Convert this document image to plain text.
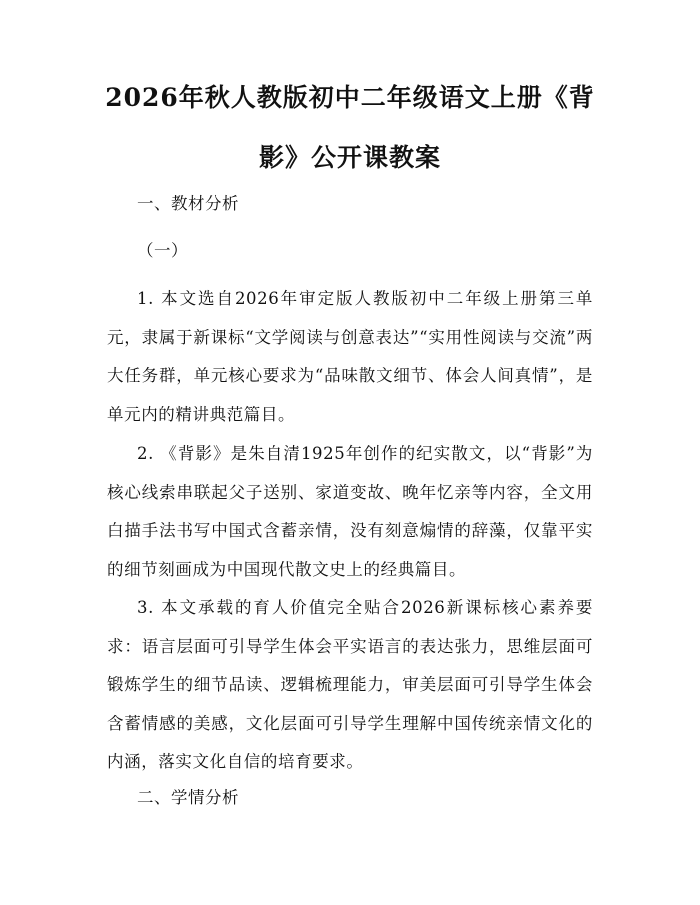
2026年秋人教版初中二年级语文上册《背影》公开课教案

一、教材分析

（一）

1. 本文选自2026年审定版人教版初中二年级上册第三单元，隶属于新课标“文学阅读与创意表达”“实用性阅读与交流”两大任务群，单元核心要求为“品味散文细节、体会人间真情”，是单元内的精讲典范篇目。

2. 《背影》是朱自清1925年创作的纪实散文，以“背影”为核心线索串联起父子送别、家道变故、晚年忆亲等内容，全文用白描手法书写中国式含蓄亲情，没有刻意煽情的辞藻，仅靠平实的细节刻画成为中国现代散文史上的经典篇目。

3. 本文承载的育人价值完全贴合2026新课标核心素养要求：语言层面可引导学生体会平实语言的表达张力，思维层面可锻炼学生的细节品读、逻辑梳理能力，审美层面可引导学生体会含蓄情感的美感，文化层面可引导学生理解中国传统亲情文化的内涵，落实文化自信的培育要求。

二、学情分析
